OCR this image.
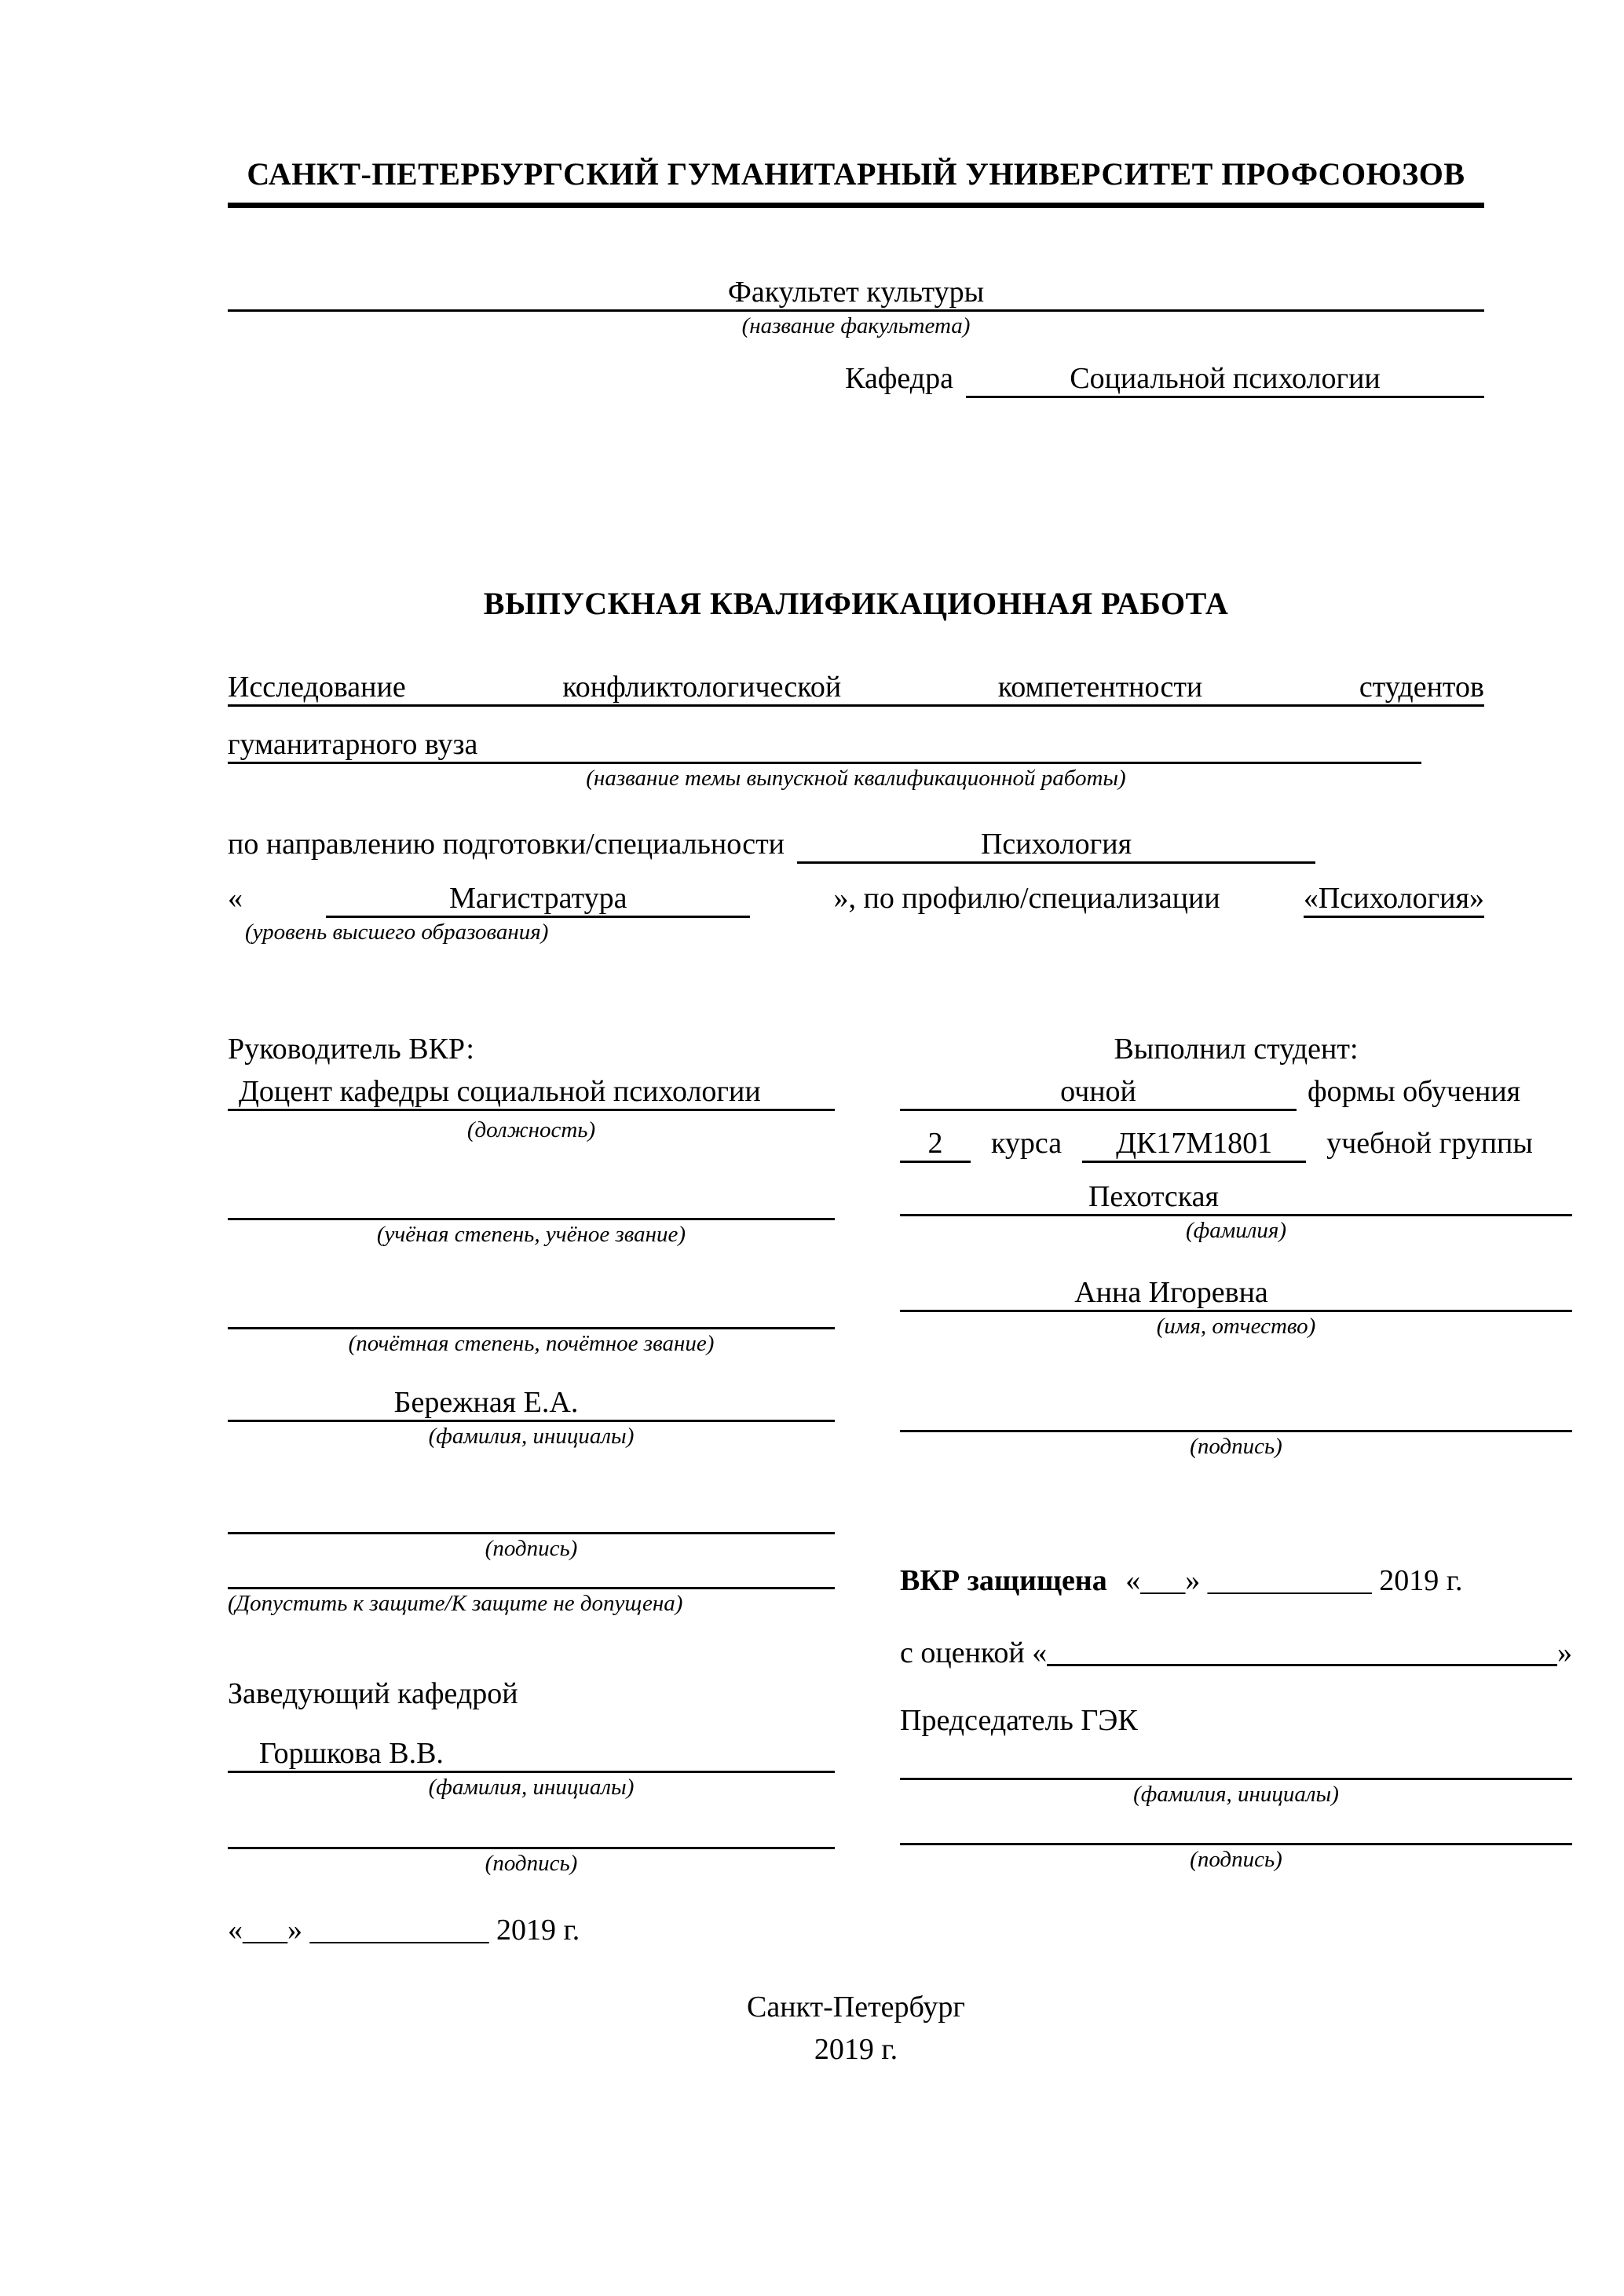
САНКТ-ПЕТЕРБУРГСКИЙ ГУМАНИТАРНЫЙ УНИВЕРСИТЕТ ПРОФСОЮЗОВ
Факультет культуры
(название факультета)
Кафедра	Социальной психологии
ВЫПУСКНАЯ КВАЛИФИКАЦИОННАЯ РАБОТА
Исследование	конфликтологической	компетентности	студентов
гуманитарного вуза
(название темы выпускной квалификационной работы)
по направлению подготовки/специальности	Психология
«	Магистратура	», по профилю/специализации	«Психология»
(уровень высшего образования)
Руководитель ВКР:
Доцент кафедры социальной психологии
(должность)
(учёная степень, учёное звание)
(почётная степень, почётное звание)
Бережная Е.А.
(фамилия, инициалы)
(подпись)
Выполнил студент:
очной	формы обучения
2	курса	ДК17М1801	учебной группы
Пехотская
(фамилия)
Анна Игоревна
(имя, отчество)
(подпись)
(Допустить к защите/К защите не допущена)
Заведующий кафедрой
Горшкова В.В.
(фамилия, инициалы)
(подпись)
«___» ____________ 2019 г.
ВКР защищена «___» ___________ 2019 г.
с оценкой «	»
Председатель ГЭК
(фамилия, инициалы)
(подпись)
Санкт-Петербург
2019 г.
